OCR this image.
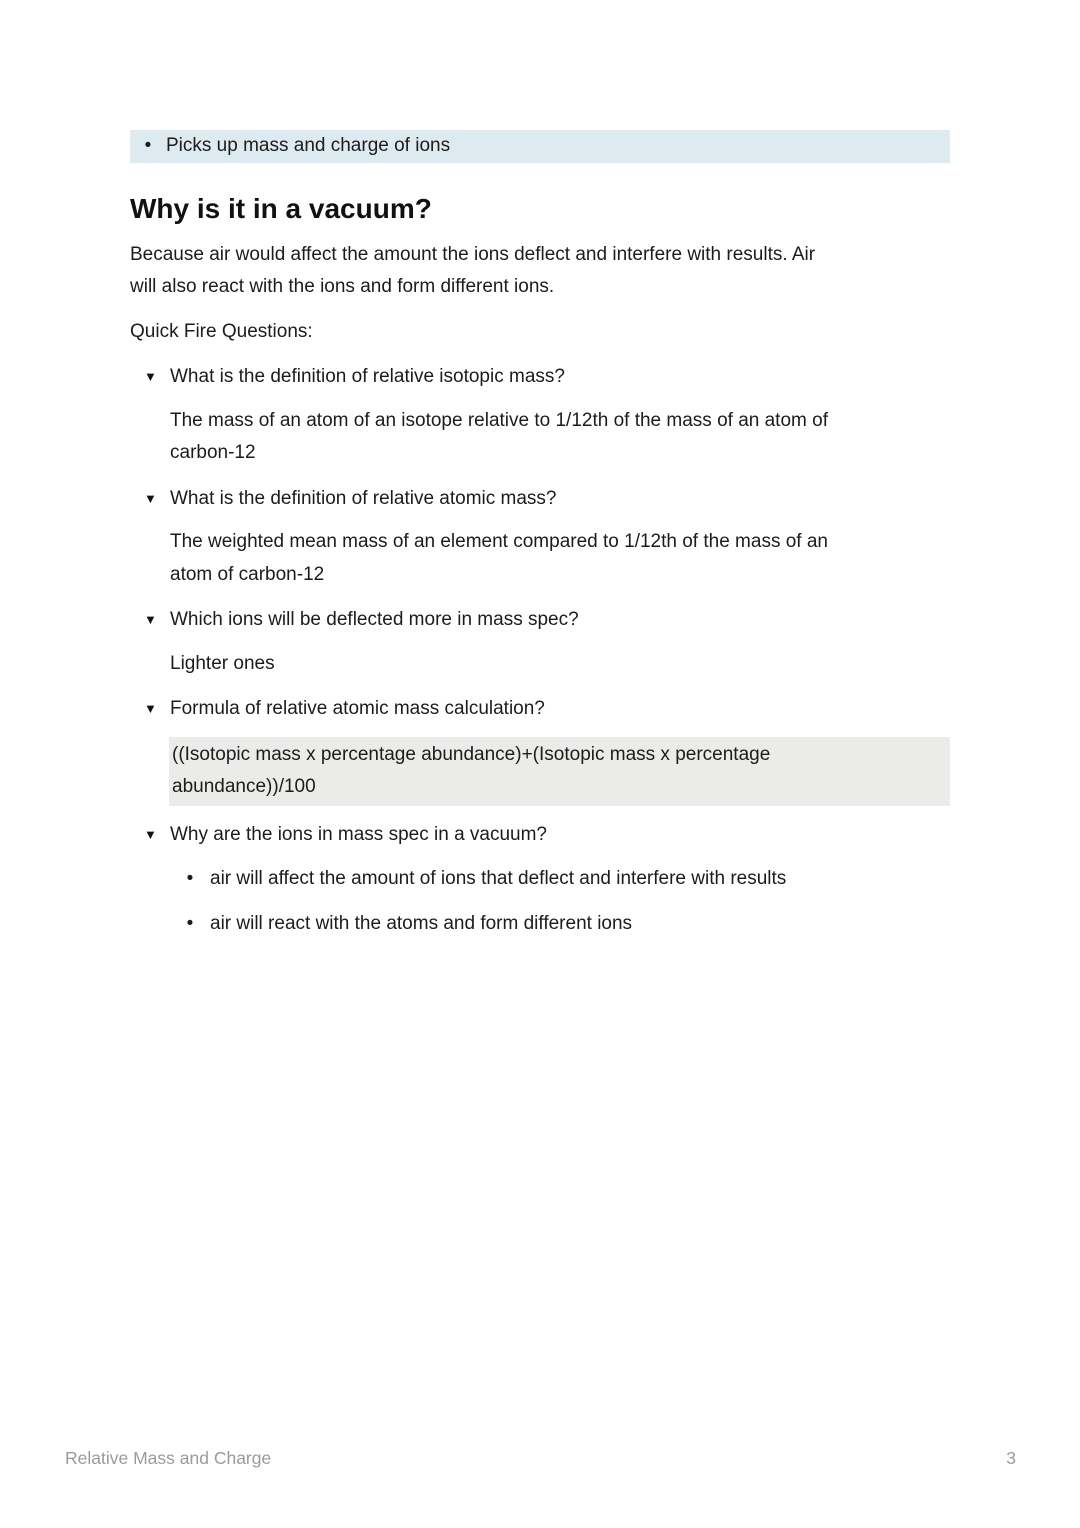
• Picks up mass and charge of ions
Why is it in a vacuum?
Because air would affect the amount the ions deflect and interfere with results. Air
will also react with the ions and form different ions.
Quick Fire Questions:
▼ What is the definition of relative isotopic mass?
The mass of an atom of an isotope relative to 1/12th of the mass of an atom of
carbon-12
▼ What is the definition of relative atomic mass?
The weighted mean mass of an element compared to 1/12th of the mass of an
atom of carbon-12
▼ Which ions will be deflected more in mass spec?
Lighter ones
▼ Formula of relative atomic mass calculation?
((Isotopic mass x percentage abundance)+(Isotopic mass x percentage
abundance))/100
▼ Why are the ions in mass spec in a vacuum?
• air will affect the amount of ions that deflect and interfere with results
• air will react with the atoms and form different ions
Relative Mass and Charge	3
